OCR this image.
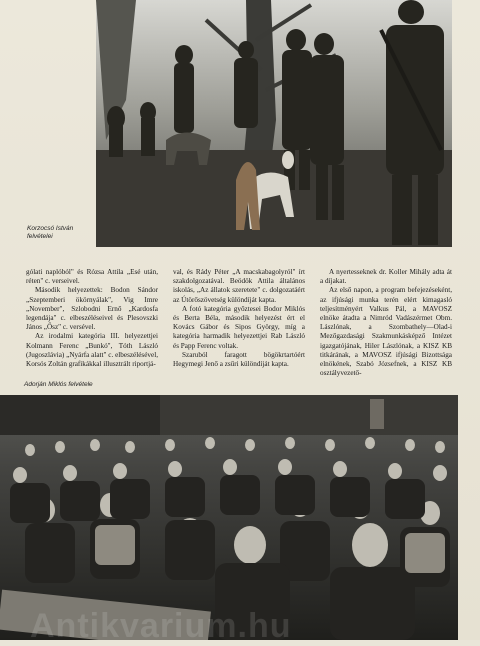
Korzocsó István felvételei

gólati naplóból" és Rózsa Attila „Esé után, réten" c. verseivel.

Második helyezettek: Bodon Sándor „Szeptemberi ökörnyálak", Vig Imre „November", Szlobodni Ernő „Kardosfa legendája" c. elbeszéléseivel és Plesovszki János „Ősz" c. versével.

Az irodalmi kategória III. helyezettjei Kolmann Ferenc „Bunkó", Tóth László (Jugoszlávia) „Nyárfa alatt" c. elbeszélésével, Korsós Zoltán grafikákkal illusztrált riportjá-

val, és Rády Péter „A macskabagolyról" írt szakdolgozatával. Beödök Attila általános iskolás, „Az állatok szeretete" c. dolgozatáért az Útörőszövetség különdíját kapta.

A fotó kategória győztesei Bodor Miklós és Berta Béla, második helyezést ért el Kovács Gábor és Sipos György, míg a kategória harmadik helyezettjei Rab László és Papp Ferenc voltak.

Szaruból faragott bögökrtartóért Hegymegi Jenő a zsűri különdíját kapta.

A nyertesseknek dr. Koller Mihály adta át a díjakat.

Az első napon, a program befejezéseként, az ifjúsági munka terén elért kimagasló teljesítményért Valkus Pál, a MAVOSZ elnöke átadta a Nimród Vadászérmet Obm. Lászlónak, a Szombathely—Olad-i Mezőgazdasági Szakmunkásképző Intézet igazgatójának, Hiler Lászlónak, a KISZ KB titkárának, a MAVOSZ ifjúsági Bizottsága elnökének, Szabó Józsefnek, a KISZ KB osztályvezető-

Adorján Miklós felvétele
Antikvarium.hu
